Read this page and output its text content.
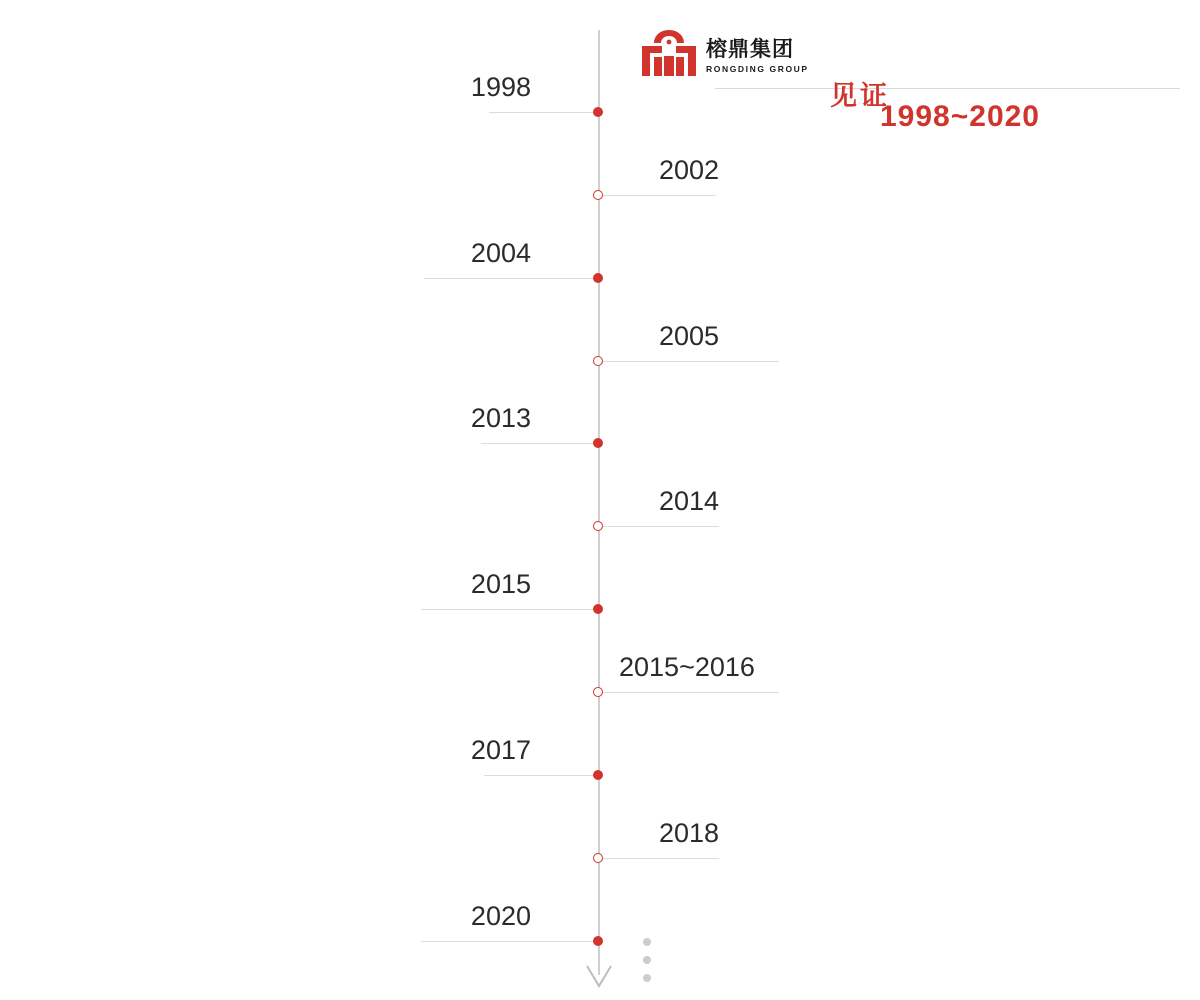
榕鼎集团
RONGDING GROUP
见证
1998~2020
1998
2002
2004
2005
2013
2014
2015
2015~2016
2017
2018
2020
